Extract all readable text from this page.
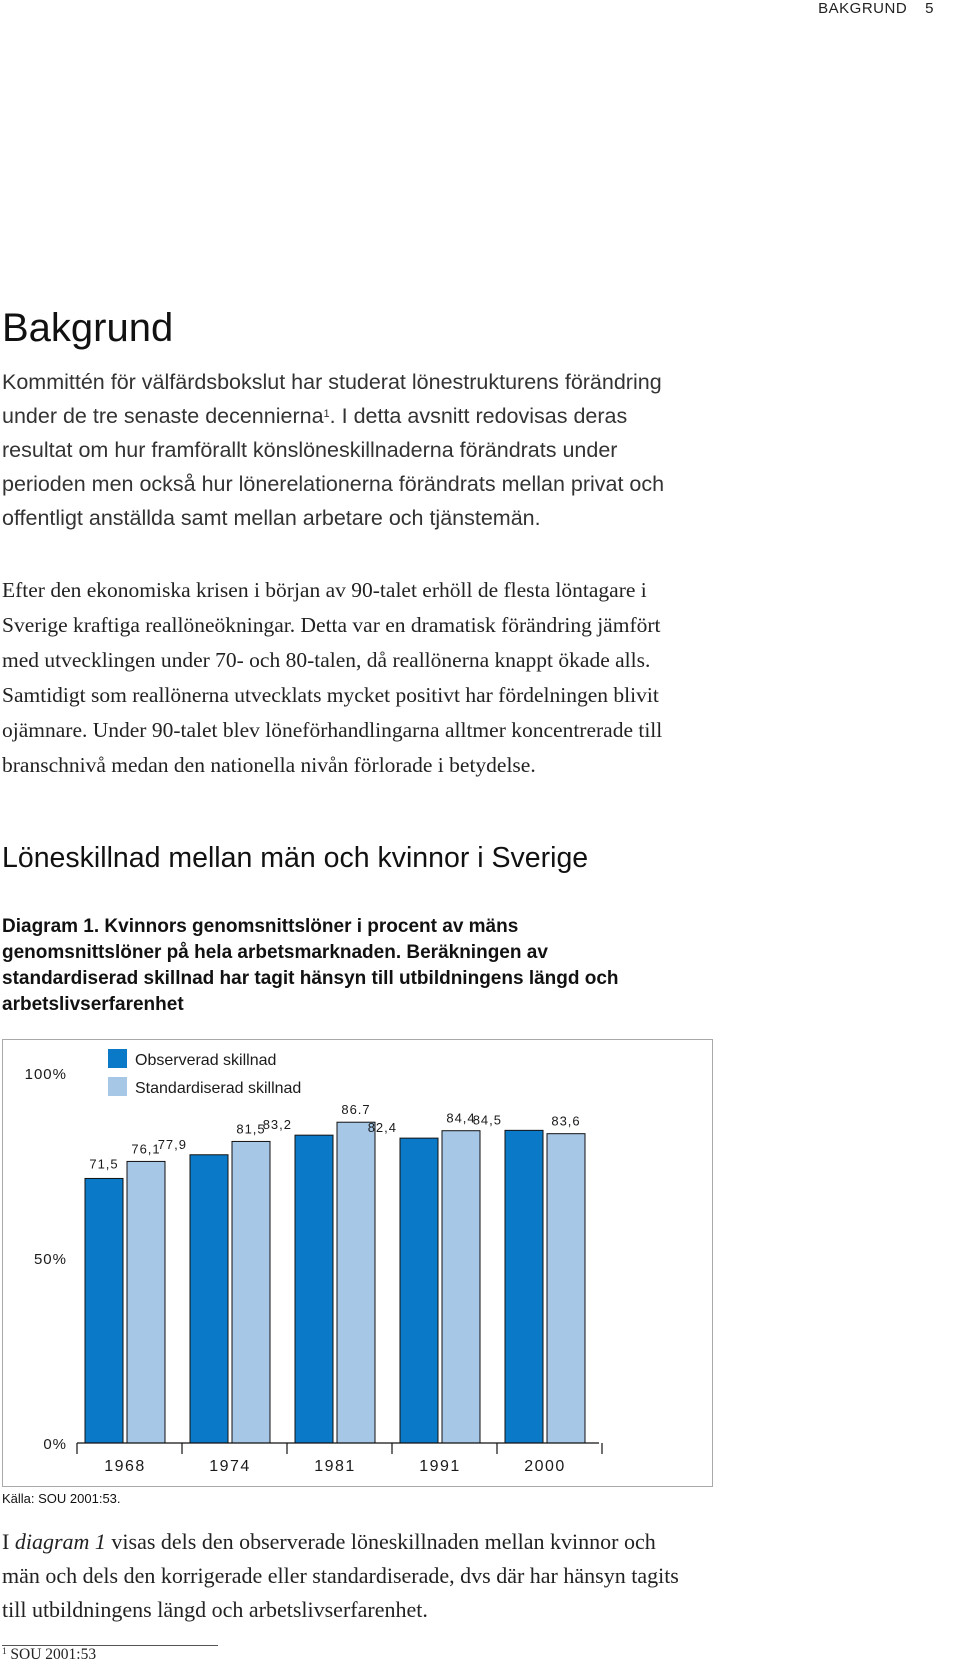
BAKGRUND 5
Bakgrund

Kommittén för välfärdsbokslut har studerat lönestrukturens förändring under de tre senaste decennierna$^1$. I detta avsnitt redovisas deras resultat om hur framförallt könslöneskillnaderna förändrats under perioden men också hur lönerelationerna förändrats mellan privat och offentligt anställda samt mellan arbetare och tjänstemän.

Efter den ekonomiska krisen i början av 90-talet erhöll de flesta löntagare i Sverige kraftiga reallöneökningar. Detta var en dramatisk förändring jämfört med utvecklingen under 70- och 80-talen, då reallönerna knappt ökade alls. Samtidigt som reallönerna utvecklats mycket positivt har fördelningen blivit ojämnare. Under 90-talet blev löneförhandlingarna alltmer koncentrerade till branschnivå medan den nationella nivån förlorade i betydelse.

Löneskillnad mellan män och kvinnor i Sverige

Diagram 1. Kvinnors genomsnittslöner i procent av mäns genomsnittslöner på hela arbetsmarknaden. Beräkningen av standardiserad skillnad har tagit hänsyn till utbildningens längd och arbetslivserfarenhet

Observerad skillnad
Standardiserad skillnad
0%
50%
100%
71,5
76,1
77,9
81,5
83,2
86.7
82,4
84,4
84,5	83,6
1968	1974	1981	1991	2000
Källa: SOU 2001:53.

I diagram 1 visas dels den observerade löneskillnaden mellan kvinnor och män och dels den korrigerade eller standardiserade, dvs där har hänsyn tagits till utbildningens längd och arbetslivserfarenhet.

$^1$ SOU 2001:53
